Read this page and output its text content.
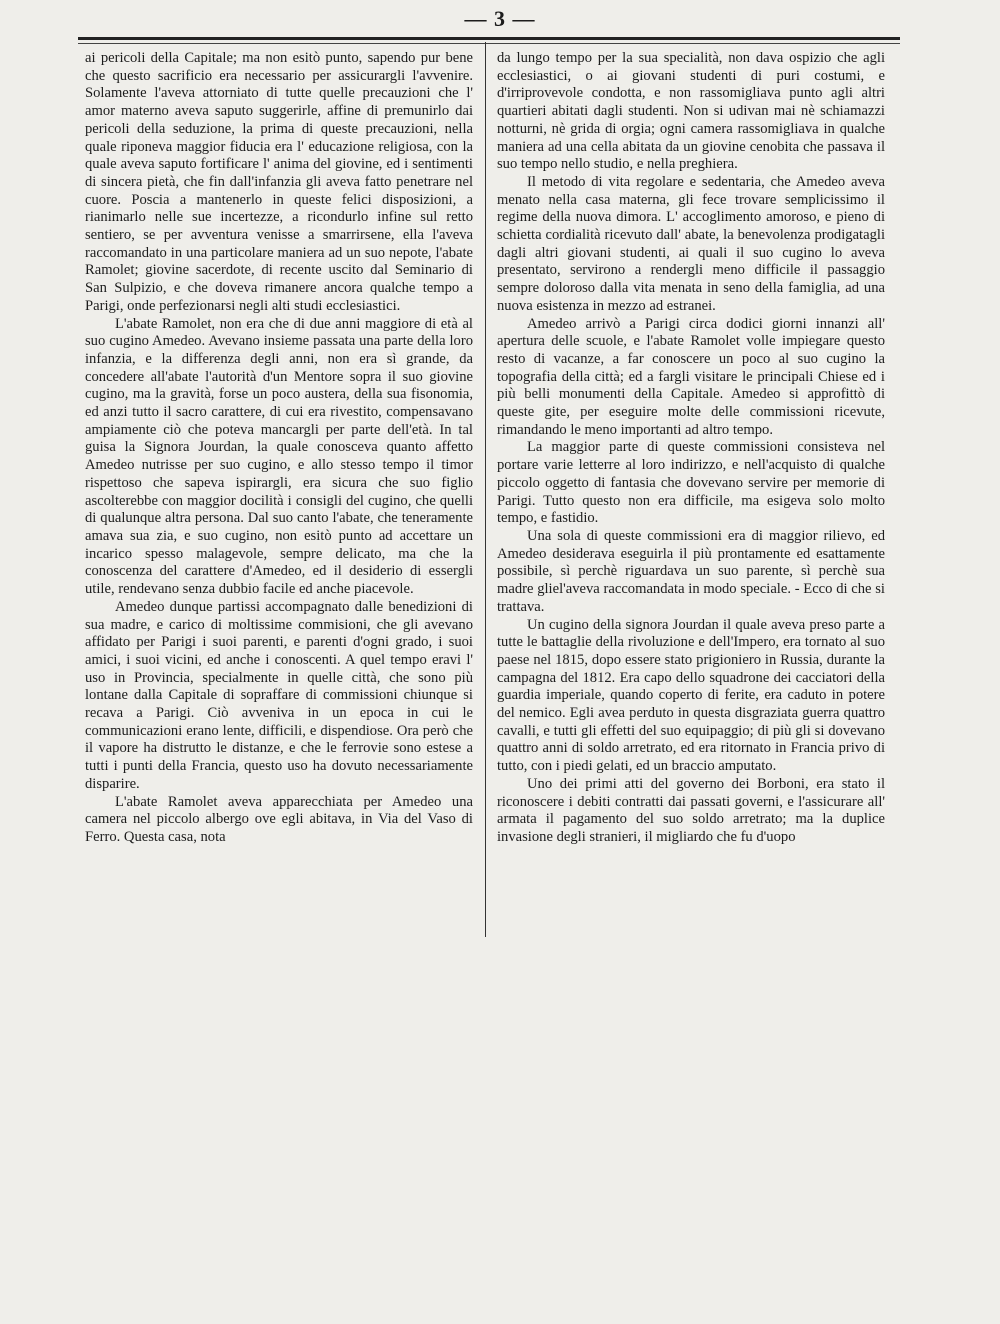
— 3 —

ai pericoli della Capitale; ma non esitò punto, sapendo pur bene che questo sacrificio era necessario per assicurargli l'avvenire. Solamente l'aveva attorniato di tutte quelle precauzioni che l' amor materno aveva saputo suggerirle, affine di premunirlo dai pericoli della seduzione, la prima di queste precauzioni, nella quale riponeva maggior fiducia era l' educazione religiosa, con la quale aveva saputo fortificare l' anima del giovine, ed i sentimenti di sincera pietà, che fin dall'infanzia gli aveva fatto penetrare nel cuore. Poscia a mantenerlo in queste felici disposizioni, a rianimarlo nelle sue incertezze, a ricondurlo infine sul retto sentiero, se per avventura venisse a smarrirsene, ella l'aveva raccomandato in una particolare maniera ad un suo nepote, l'abate Ramolet; giovine sacerdote, di recente uscito dal Seminario di San Sulpizio, e che doveva rimanere ancora qualche tempo a Parigi, onde perfezionarsi negli alti studi ecclesiastici.

L'abate Ramolet, non era che di due anni maggiore di età al suo cugino Amedeo. Avevano insieme passata una parte della loro infanzia, e la differenza degli anni, non era sì grande, da concedere all'abate l'autorità d'un Mentore sopra il suo giovine cugino, ma la gravità, forse un poco austera, della sua fisonomia, ed anzi tutto il sacro carattere, di cui era rivestito, compensavano ampiamente ciò che poteva mancargli per parte dell'età. In tal guisa la Signora Jourdan, la quale conosceva quanto affetto Amedeo nutrisse per suo cugino, e allo stesso tempo il timor rispettoso che sapeva ispirargli, era sicura che suo figlio ascolterebbe con maggior docilità i consigli del cugino, che quelli di qualunque altra persona. Dal suo canto l'abate, che teneramente amava sua zia, e suo cugino, non esitò punto ad accettare un incarico spesso malagevole, sempre delicato, ma che la conoscenza del carattere d'Amedeo, ed il desiderio di essergli utile, rendevano senza dubbio facile ed anche piacevole.

Amedeo dunque partissi accompagnato dalle benedizioni di sua madre, e carico di moltissime commisioni, che gli avevano affidato per Parigi i suoi parenti, e parenti d'ogni grado, i suoi amici, i suoi vicini, ed anche i conoscenti. A quel tempo eravi l' uso in Provincia, specialmente in quelle città, che sono più lontane dalla Capitale di sopraffare di commissioni chiunque si recava a Parigi. Ciò avveniva in un epoca in cui le communicazioni erano lente, difficili, e dispendiose. Ora però che il vapore ha distrutto le distanze, e che le ferrovie sono estese a tutti i punti della Francia, questo uso ha dovuto necessariamente disparire.

L'abate Ramolet aveva apparecchiata per Amedeo una camera nel piccolo albergo ove egli abitava, in Via del Vaso di Ferro. Questa casa, nota

da lungo tempo per la sua specialità, non dava ospizio che agli ecclesiastici, o ai giovani studenti di puri costumi, e d'irriprovevole condotta, e non rassomigliava punto agli altri quartieri abitati dagli studenti. Non si udivan mai nè schiamazzi notturni, nè grida di orgia; ogni camera rassomigliava in qualche maniera ad una cella abitata da un giovine cenobita che passava il suo tempo nello studio, e nella preghiera.

Il metodo di vita regolare e sedentaria, che Amedeo aveva menato nella casa materna, gli fece trovare semplicissimo il regime della nuova dimora. L' accoglimento amoroso, e pieno di schietta cordialità ricevuto dall' abate, la benevolenza prodigatagli dagli altri giovani studenti, ai quali il suo cugino lo aveva presentato, servirono a rendergli meno difficile il passaggio sempre doloroso dalla vita menata in seno della famiglia, ad una nuova esistenza in mezzo ad estranei.

Amedeo arrivò a Parigi circa dodici giorni innanzi all' apertura delle scuole, e l'abate Ramolet volle impiegare questo resto di vacanze, a far conoscere un poco al suo cugino la topografia della città; ed a fargli visitare le principali Chiese ed i più belli monumenti della Capitale. Amedeo si approfittò di queste gite, per eseguire molte delle commissioni ricevute, rimandando le meno importanti ad altro tempo.

La maggior parte di queste commissioni consisteva nel portare varie letterre al loro indirizzo, e nell'acquisto di qualche piccolo oggetto di fantasia che dovevano servire per memorie di Parigi. Tutto questo non era difficile, ma esigeva solo molto tempo, e fastidio.

Una sola di queste commissioni era di maggior rilievo, ed Amedeo desiderava eseguirla il più prontamente ed esattamente possibile, sì perchè riguardava un suo parente, sì perchè sua madre gliel'aveva raccomandata in modo speciale. - Ecco di che si trattava.

Un cugino della signora Jourdan il quale aveva preso parte a tutte le battaglie della rivoluzione e dell'Impero, era tornato al suo paese nel 1815, dopo essere stato prigioniero in Russia, durante la campagna del 1812. Era capo dello squadrone dei cacciatori della guardia imperiale, quando coperto di ferite, era caduto in potere del nemico. Egli avea perduto in questa disgraziata guerra quattro cavalli, e tutti gli effetti del suo equipaggio; di più gli si dovevano quattro anni di soldo arretrato, ed era ritornato in Francia privo di tutto, con i piedi gelati, ed un braccio amputato.

Uno dei primi atti del governo dei Borboni, era stato il riconoscere i debiti contratti dai passati governi, e l'assicurare all' armata il pagamento del suo soldo arretrato; ma la duplice invasione degli stranieri, il migliardo che fu d'uopo
